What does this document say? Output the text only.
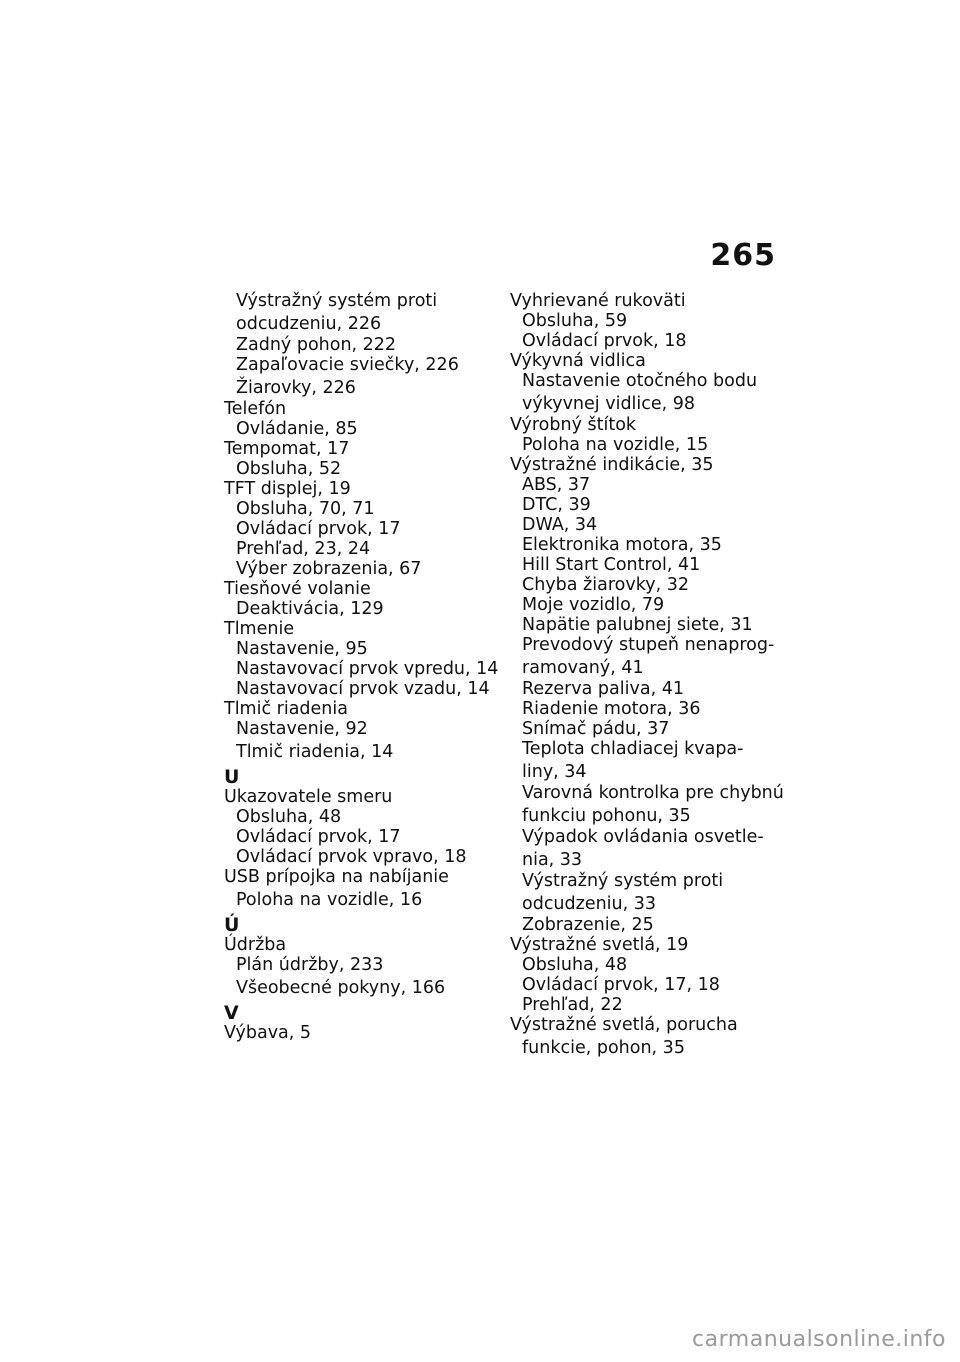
265
Výstražný systém proti
odcudzeniu, 226
Zadný pohon, 222
Zapaľovacie sviečky, 226
Žiarovky, 226
Telefón
Ovládanie, 85
Tempomat, 17
Obsluha, 52
TFT displej, 19
Obsluha, 70, 71
Ovládací prvok, 17
Prehľad, 23, 24
Výber zobrazenia, 67
Tiesňové volanie
Deaktivácia, 129
Tlmenie
Nastavenie, 95
Nastavovací prvok vpredu, 14
Nastavovací prvok vzadu, 14
Tlmič riadenia
Nastavenie, 92
Tlmič riadenia, 14
U
Ukazovatele smeru
Obsluha, 48
Ovládací prvok, 17
Ovládací prvok vpravo, 18
USB prípojka na nabíjanie
Poloha na vozidle, 16
Ú
Údržba
Plán údržby, 233
Všeobecné pokyny, 166
V
Výbava, 5
Vyhrievané rukoväti
Obsluha, 59
Ovládací prvok, 18
Výkyvná vidlica
Nastavenie otočného bodu
výkyvnej vidlice, 98
Výrobný štítok
Poloha na vozidle, 15
Výstražné indikácie, 35
ABS, 37
DTC, 39
DWA, 34
Elektronika motora, 35
Hill Start Control, 41
Chyba žiarovky, 32
Moje vozidlo, 79
Napätie palubnej siete, 31
Prevodový stupeň nenaprog-
ramovaný, 41
Rezerva paliva, 41
Riadenie motora, 36
Snímač pádu, 37
Teplota chladiacej kvapa-
liny, 34
Varovná kontrolka pre chybnú
funkciu pohonu, 35
Výpadok ovládania osvetle-
nia, 33
Výstražný systém proti
odcudzeniu, 33
Zobrazenie, 25
Výstražné svetlá, 19
Obsluha, 48
Ovládací prvok, 17, 18
Prehľad, 22
Výstražné svetlá, porucha
funkcie, pohon, 35
carmanualsonline.info
